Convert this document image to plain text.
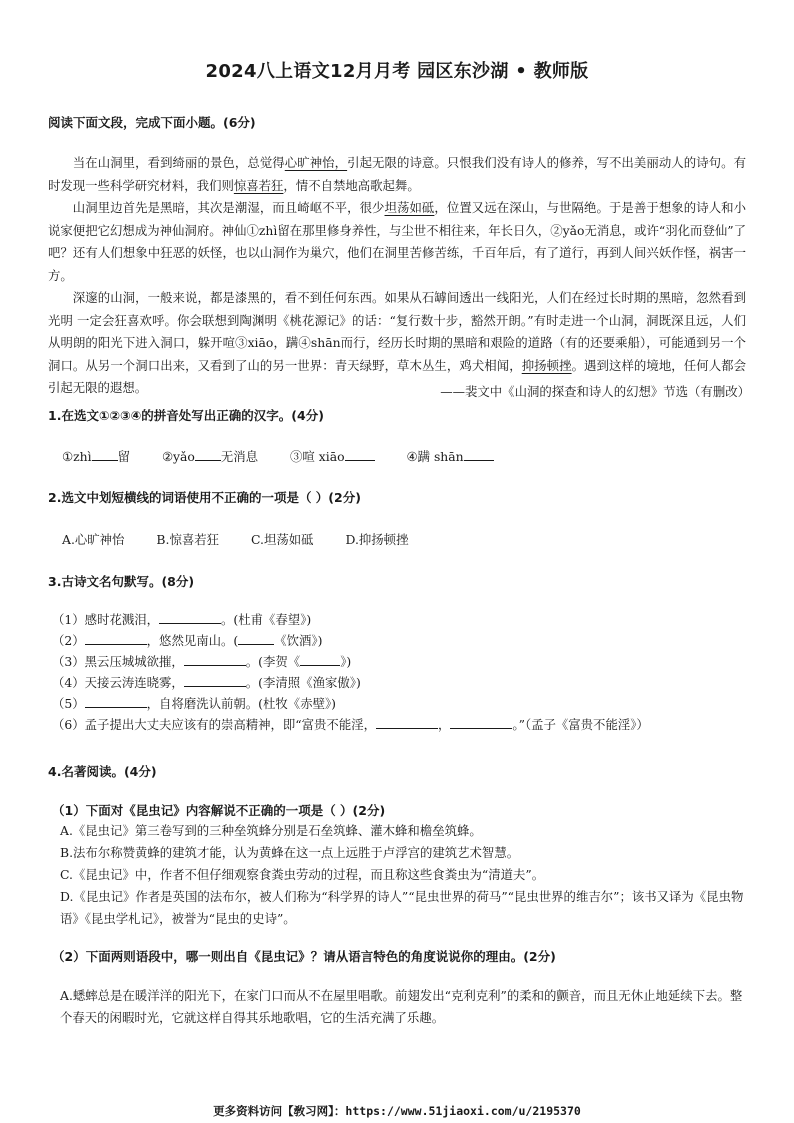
2024八上语文12月月考 园区东沙湖 • 教师版
阅读下面文段，完成下面小题。(6分)

当在山洞里，看到绮丽的景色，总觉得心旷神怡，引起无限的诗意。只恨我们没有诗人的修养，写不出美丽动人的诗句。有时发现一些科学研究材料，我们则惊喜若狂，情不自禁地高歌起舞。

山洞里边首先是黑暗，其次是潮湿，而且崎岖不平，很少坦荡如砥，位置又远在深山，与世隔绝。于是善于想象的诗人和小说家便把它幻想成为神仙洞府。神仙①zhì留在那里修身养性，与尘世不相往来，年长日久，②yǎo无消息，或许“羽化而登仙”了吧？还有人们想象中狂恶的妖怪，也以山洞作为巢穴，他们在洞里苦修苦练，千百年后，有了道行，再到人间兴妖作怪，祸害一方。

深邃的山洞，一般来说，都是漆黑的，看不到任何东西。如果从石罅间透出一线阳光，人们在经过长时期的黑暗，忽然看到光明 一定会狂喜欢呼。你会联想到陶渊明《桃花源记》的话：“复行数十步，豁然开朗。”有时走进一个山洞，洞既深且远，人们从明朗的阳光下进入洞口，躲开喧③xiāo，蹒④shān而行，经历长时期的黑暗和艰险的道路（有的还要乘船），可能通到另一个洞口。从另一个洞口出来，又看到了山的另一世界：青天绿野，草木丛生，鸡犬相闻，抑扬顿挫。遇到这样的境地，任何人都会引起无限的遐想。	——裴文中《山洞的探查和诗人的幻想》节选（有删改）
1.在选文①②③④的拼音处写出正确的汉字。(4分)
①zhì 留	②yǎo 无消息	③喧 xiāo	④蹒 shān
2.选文中划短横线的词语使用不正确的一项是（ ）(2分)
A.心旷神怡	B.惊喜若狂	C.坦荡如砥	D.抑扬顿挫
3.古诗文名句默写。(8分)
（1）感时花溅泪，	。(杜甫《春望》)
（2）	，悠然见南山。(	《饮酒》)
（3）黑云压城城欲摧，	。(李贺《	》)
（4）天接云涛连晓雾，	。(李清照《渔家傲》)
（5）	，自将磨洗认前朝。(杜牧《赤壁》)
（6）孟子提出大丈夫应该有的崇高精神，即“富贵不能淫，	，	。”（孟子《富贵不能淫》）
4.名著阅读。(4分)
（1）下面对《昆虫记》内容解说不正确的一项是（ ）(2分)
A.《昆虫记》第三卷写到的三种垒筑蜂分别是石垒筑蜂、灌木蜂和檐垒筑蜂。
B.法布尔称赞黄蜂的建筑才能，认为黄蜂在这一点上远胜于卢浮宫的建筑艺术智慧。
C.《昆虫记》中，作者不但仔细观察食粪虫劳动的过程，而且称这些食粪虫为“清道夫”。
D.《昆虫记》作者是英国的法布尔，被人们称为“科学界的诗人”“昆虫世界的荷马”“昆虫世界的维吉尔”；该书又译为《昆虫物语》《昆虫学札记》，被誉为“昆虫的史诗”。
（2）下面两则语段中，哪一则出自《昆虫记》？请从语言特色的角度说说你的理由。(2分)
A.蟋蟀总是在暖洋洋的阳光下，在家门口而从不在屋里唱歌。前翅发出“克利克利”的柔和的颤音，而且无休止地延续下去。整个春天的闲暇时光，它就这样自得其乐地歌唱，它的生活充满了乐趣。
更多资料访问【敎习网】：https://www.51jiaoxi.com/u/2195370
